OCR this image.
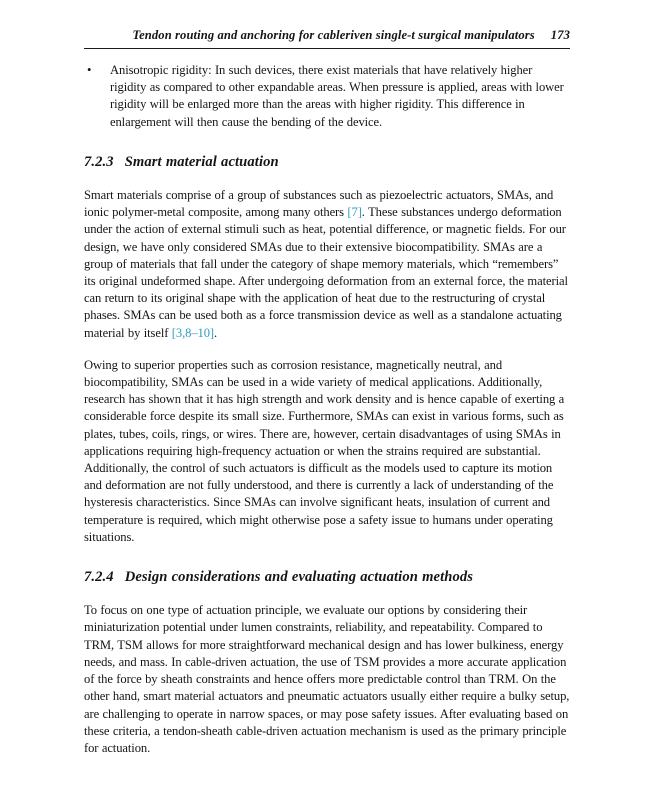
Tendon routing and anchoring for cableriven single-t surgical manipulators 173
•	Anisotropic rigidity: In such devices, there exist materials that have relatively higher rigidity as compared to other expandable areas. When pressure is applied, areas with lower rigidity will be enlarged more than the areas with higher rigidity. This difference in enlargement will then cause the bending of the device.

7.2.3 Smart material actuation

Smart materials comprise of a group of substances such as piezoelectric actuators, SMAs, and ionic polymer-metal composite, among many others [7]. These substances undergo deformation under the action of external stimuli such as heat, potential difference, or magnetic fields. For our design, we have only considered SMAs due to their extensive biocompatibility. SMAs are a group of materials that fall under the category of shape memory materials, which “remembers” its original undeformed shape. After undergoing deformation from an external force, the material can return to its original shape with the application of heat due to the restructuring of crystal phases. SMAs can be used both as a force transmission device as well as a standalone actuating material by itself [3,8–10].

Owing to superior properties such as corrosion resistance, magnetically neutral, and biocompatibility, SMAs can be used in a wide variety of medical applications. Additionally, research has shown that it has high strength and work density and is hence capable of exerting a considerable force despite its small size. Furthermore, SMAs can exist in various forms, such as plates, tubes, coils, rings, or wires. There are, however, certain disadvantages of using SMAs in applications requiring high-frequency actuation or when the strains required are substantial. Additionally, the control of such actuators is difficult as the models used to capture its motion and deformation are not fully understood, and there is currently a lack of understanding of the hysteresis characteristics. Since SMAs can involve significant heats, insulation of current and temperature is required, which might otherwise pose a safety issue to humans under operating situations.

7.2.4 Design considerations and evaluating actuation methods

To focus on one type of actuation principle, we evaluate our options by considering their miniaturization potential under lumen constraints, reliability, and repeatability. Compared to TRM, TSM allows for more straightforward mechanical design and has lower bulkiness, energy needs, and mass. In cable-driven actuation, the use of TSM provides a more accurate application of the force by sheath constraints and hence offers more predictable control than TRM. On the other hand, smart material actuators and pneumatic actuators usually either require a bulky setup, are challenging to operate in narrow spaces, or may pose safety issues. After evaluating based on these criteria, a tendon-sheath cable-driven actuation mechanism is used as the primary principle for actuation.
